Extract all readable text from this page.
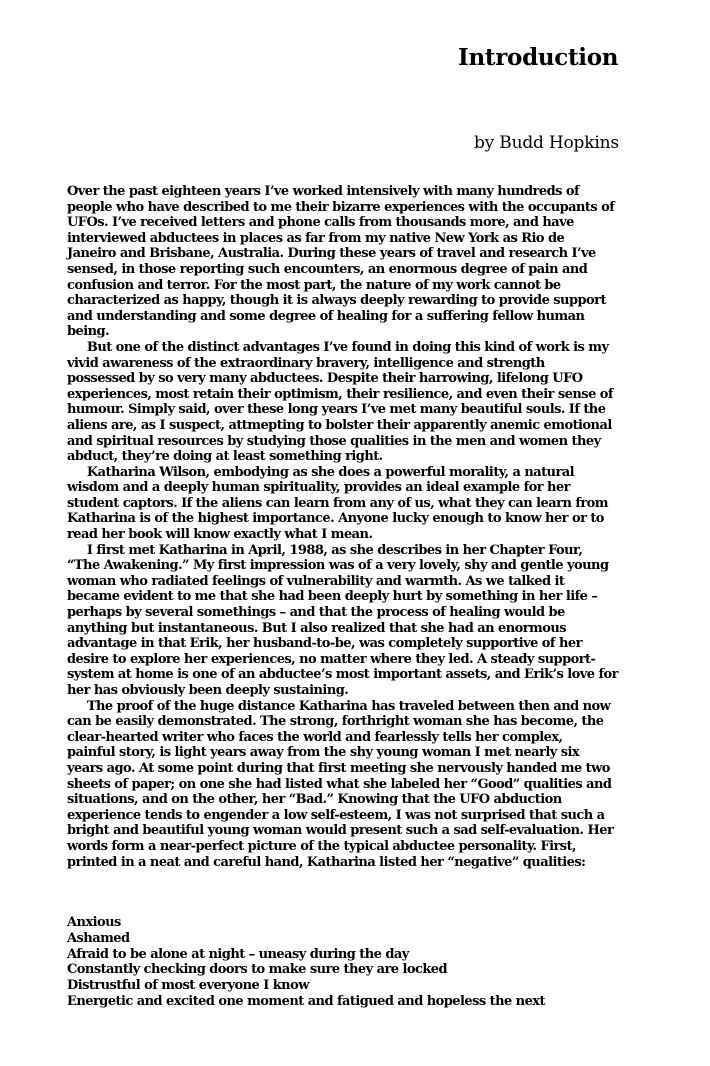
Introduction

by Budd Hopkins

Over the past eighteen years I’ve worked intensively with many hundreds of
people who have described to me their bizarre experiences with the occupants of
UFOs. I’ve received letters and phone calls from thousands more, and have
interviewed abductees in places as far from my native New York as Rio de
Janeiro and Brisbane, Australia. During these years of travel and research I’ve
sensed, in those reporting such encounters, an enormous degree of pain and
confusion and terror. For the most part, the nature of my work cannot be
characterized as happy, though it is always deeply rewarding to provide support
and understanding and some degree of healing for a suffering fellow human
being.
But one of the distinct advantages I’ve found in doing this kind of work is my
vivid awareness of the extraordinary bravery, intelligence and strength
possessed by so very many abductees. Despite their harrowing, lifelong UFO
experiences, most retain their optimism, their resilience, and even their sense of
humour. Simply said, over these long years I’ve met many beautiful souls. If the
aliens are, as I suspect, attmepting to bolster their apparently anemic emotional
and spiritual resources by studying those qualities in the men and women they
abduct, they’re doing at least something right.
Katharina Wilson, embodying as she does a powerful morality, a natural
wisdom and a deeply human spirituality, provides an ideal example for her
student captors. If the aliens can learn from any of us, what they can learn from
Katharina is of the highest importance. Anyone lucky enough to know her or to
read her book will know exactly what I mean.
I first met Katharina in April, 1988, as she describes in her Chapter Four,
“The Awakening.” My first impression was of a very lovely, shy and gentle young
woman who radiated feelings of vulnerability and warmth. As we talked it
became evident to me that she had been deeply hurt by something in her life –
perhaps by several somethings – and that the process of healing would be
anything but instantaneous. But I also realized that she had an enormous
advantage in that Erik, her husband-to-be, was completely supportive of her
desire to explore her experiences, no matter where they led. A steady support-
system at home is one of an abductee’s most important assets, and Erik’s love for
her has obviously been deeply sustaining.
The proof of the huge distance Katharina has traveled between then and now
can be easily demonstrated. The strong, forthright woman she has become, the
clear-hearted writer who faces the world and fearlessly tells her complex,
painful story, is light years away from the shy young woman I met nearly six
years ago. At some point during that first meeting she nervously handed me two
sheets of paper; on one she had listed what she labeled her “Good” qualities and
situations, and on the other, her “Bad.” Knowing that the UFO abduction
experience tends to engender a low self-esteem, I was not surprised that such a
bright and beautiful young woman would present such a sad self-evaluation. Her
words form a near-perfect picture of the typical abductee personality. First,
printed in a neat and careful hand, Katharina listed her “negative” qualities:
Anxious
Ashamed
Afraid to be alone at night – uneasy during the day
Constantly checking doors to make sure they are locked
Distrustful of most everyone I know
Energetic and excited one moment and fatigued and hopeless the next
